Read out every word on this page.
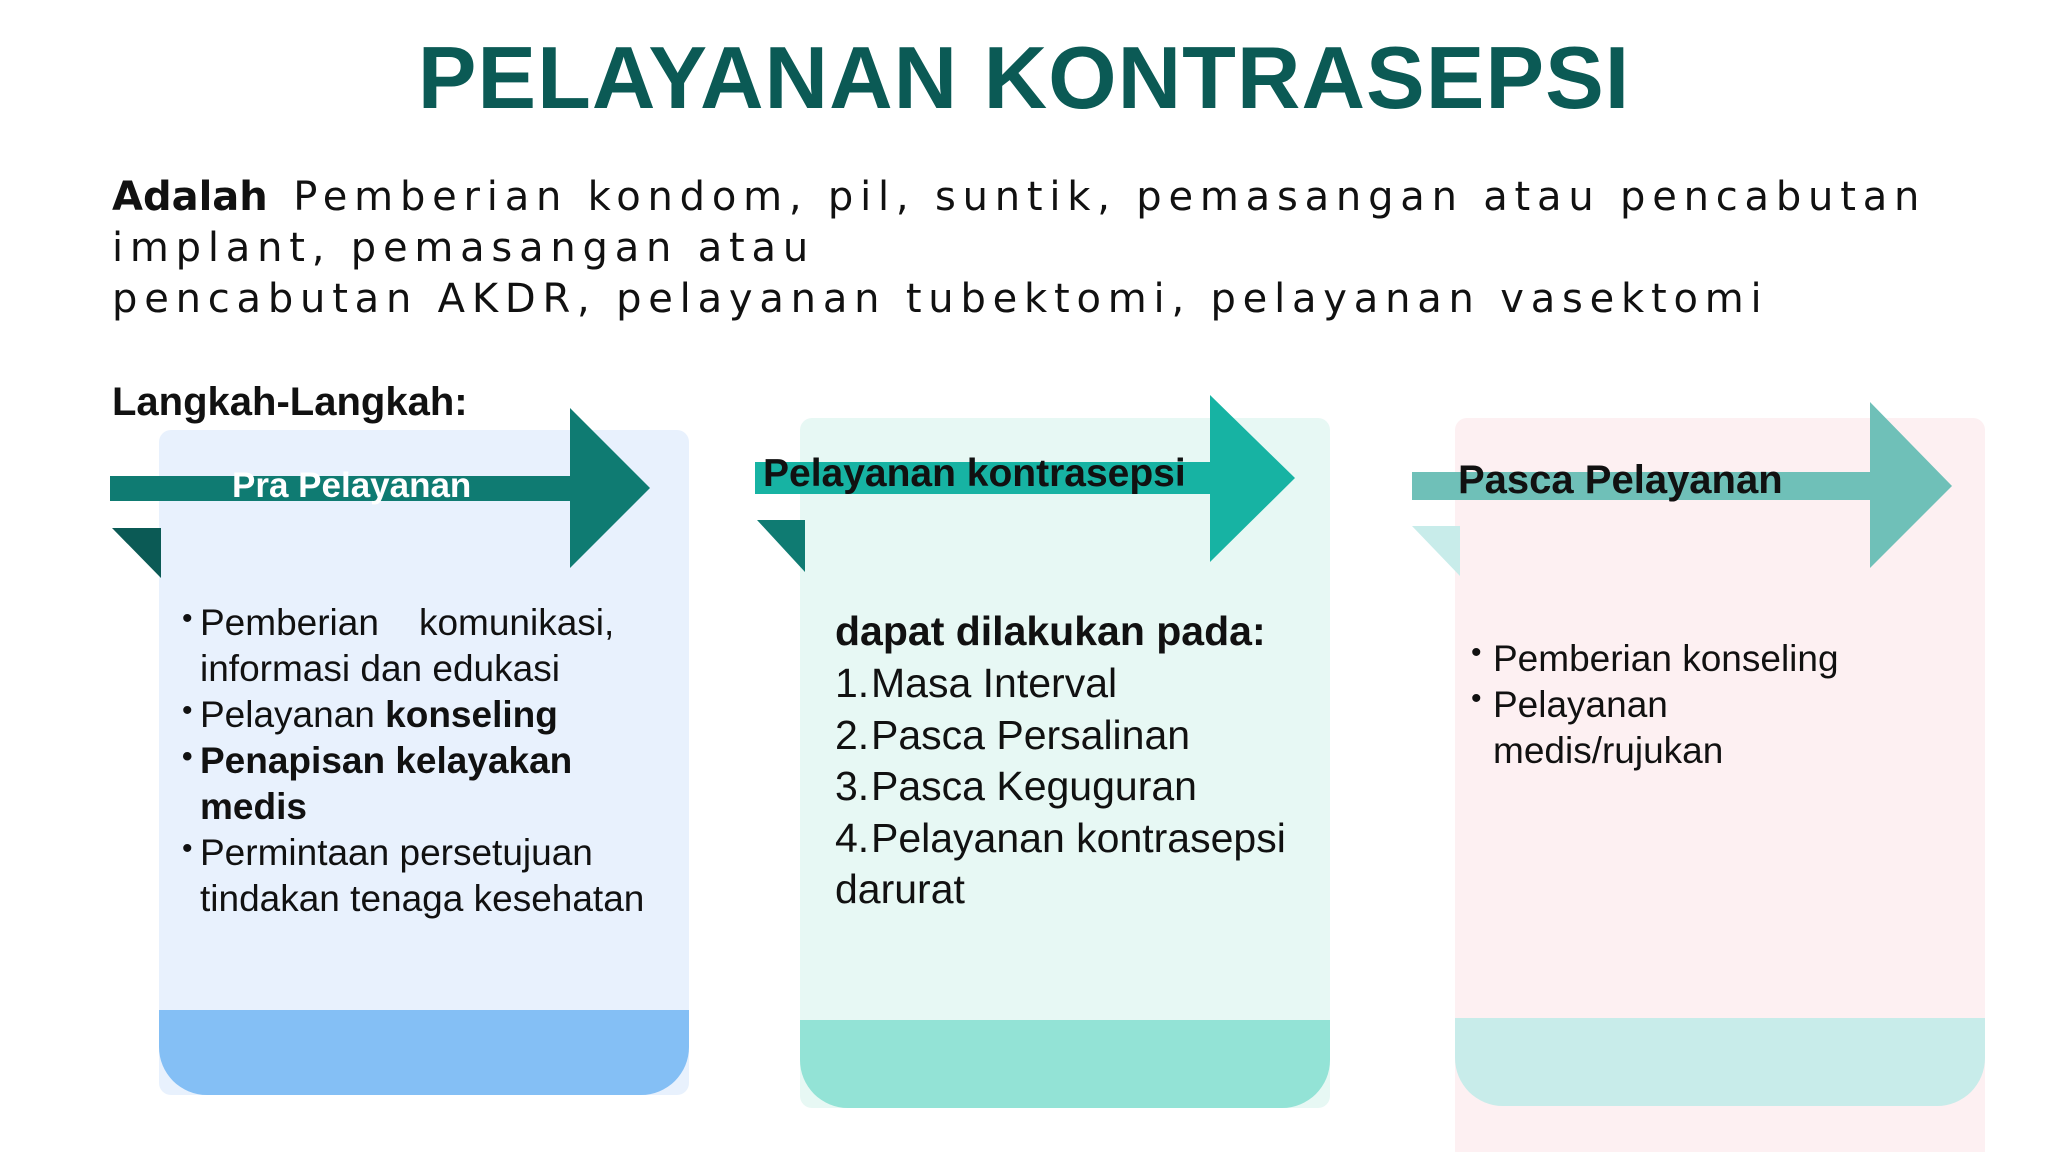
PELAYANAN KONTRASEPSI
Adalah Pemberian kondom, pil, suntik, pemasangan atau pencabutan
implant, pemasangan atau
pencabutan AKDR, pelayanan tubektomi, pelayanan vasektomi
Langkah-Langkah:
Pra Pelayanan	Pelayanan kontrasepsi	Pasca Pelayanan
• Pemberian komunikasi,
informasi dan edukasi
• Pelayanan konseling
• Penapisan kelayakan
medis
• Permintaan persetujuan
tindakan tenaga kesehatan
dapat dilakukan pada:
1.Masa Interval
2.Pasca Persalinan
3.Pasca Keguguran
4.Pelayanan kontrasepsi
darurat
• Pemberian konseling
• Pelayanan
medis/rujukan
